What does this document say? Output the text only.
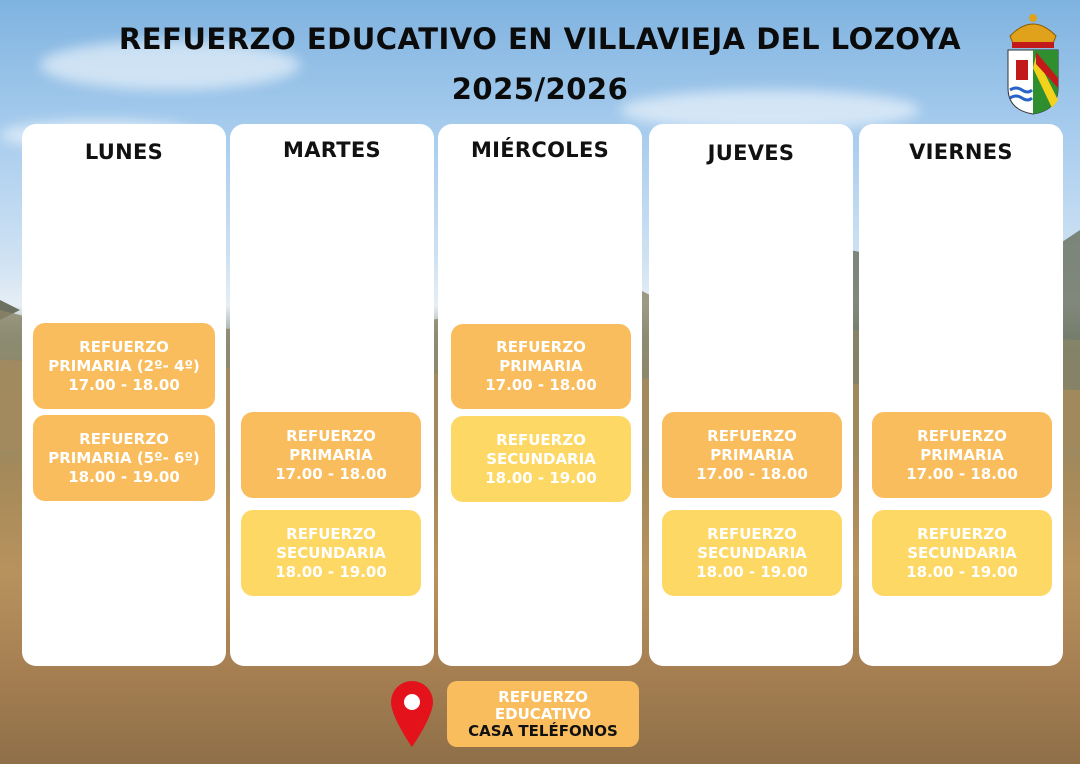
REFUERZO EDUCATIVO EN VILLAVIEJA DEL LOZOYA
2025/2026
LUNES
REFUERZO
PRIMARIA (2º- 4º)
17.00 - 18.00
REFUERZO
PRIMARIA (5º- 6º)
18.00 - 19.00
MARTES
REFUERZO
PRIMARIA
17.00 - 18.00
REFUERZO
SECUNDARIA
18.00 - 19.00
MIÉRCOLES
REFUERZO
PRIMARIA
17.00 - 18.00
REFUERZO
SECUNDARIA
18.00 - 19.00
JUEVES
REFUERZO
PRIMARIA
17.00 - 18.00
REFUERZO
SECUNDARIA
18.00 - 19.00
VIERNES
REFUERZO
PRIMARIA
17.00 - 18.00
REFUERZO
SECUNDARIA
18.00 - 19.00
REFUERZO
EDUCATIVO
CASA TELÉFONOS
